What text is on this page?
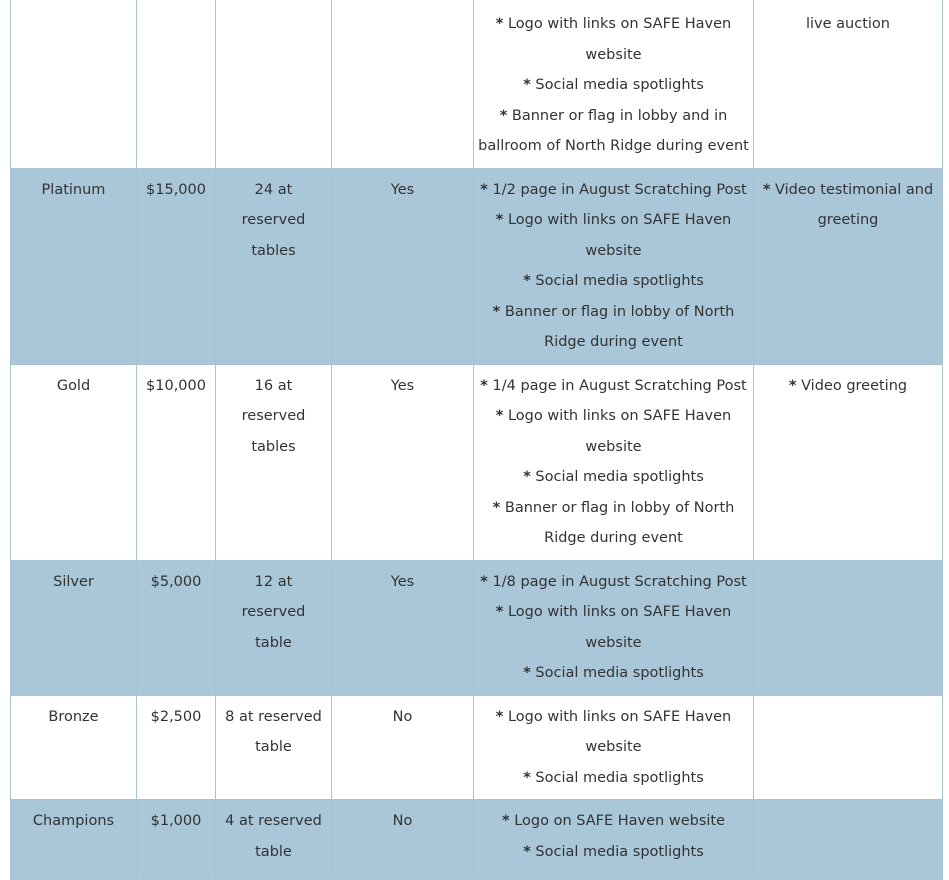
				* Logo with links on SAFE Haven website
* Social media spotlights
* Banner or flag in lobby and in ballroom of North Ridge during event	live auction

Platinum	$15,000	24 at reserved tables	Yes	* 1/2 page in August Scratching Post
* Logo with links on SAFE Haven website
* Social media spotlights
* Banner or flag in lobby of North Ridge during event	* Video testimonial and greeting

Gold	$10,000	16 at reserved tables	Yes	* 1/4 page in August Scratching Post
* Logo with links on SAFE Haven website
* Social media spotlights
* Banner or flag in lobby of North Ridge during event	* Video greeting

Silver	$5,000	12 at reserved table	Yes	* 1/8 page in August Scratching Post
* Logo with links on SAFE Haven website
* Social media spotlights	

Bronze	$2,500	8 at reserved table	No	* Logo with links on SAFE Haven website
* Social media spotlights	

Champions	$1,000	4 at reserved table	No	* Logo on SAFE Haven website
* Social media spotlights	
